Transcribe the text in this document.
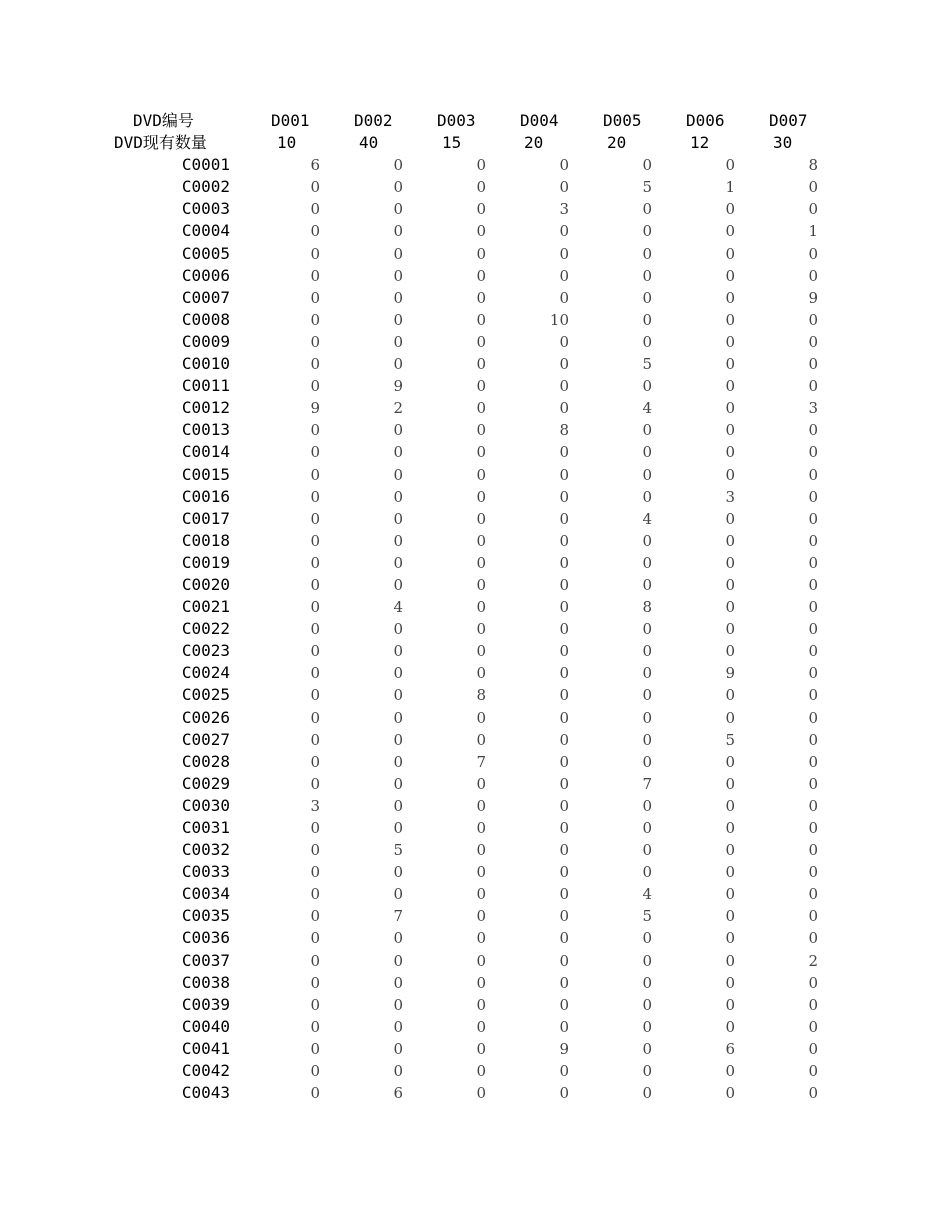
DVD编号	D001	D002	D003	D004	D005	D006	D007
DVD现有数量	10	40	15	20	20	12	30
C0001	6	0	0	0	0	0	8
C0002	0	0	0	0	5	1	0
C0003	0	0	0	3	0	0	0
C0004	0	0	0	0	0	0	1
C0005	0	0	0	0	0	0	0
C0006	0	0	0	0	0	0	0
C0007	0	0	0	0	0	0	9
C0008	0	0	0	10	0	0	0
C0009	0	0	0	0	0	0	0
C0010	0	0	0	0	5	0	0
C0011	0	9	0	0	0	0	0
C0012	9	2	0	0	4	0	3
C0013	0	0	0	8	0	0	0
C0014	0	0	0	0	0	0	0
C0015	0	0	0	0	0	0	0
C0016	0	0	0	0	0	3	0
C0017	0	0	0	0	4	0	0
C0018	0	0	0	0	0	0	0
C0019	0	0	0	0	0	0	0
C0020	0	0	0	0	0	0	0
C0021	0	4	0	0	8	0	0
C0022	0	0	0	0	0	0	0
C0023	0	0	0	0	0	0	0
C0024	0	0	0	0	0	9	0
C0025	0	0	8	0	0	0	0
C0026	0	0	0	0	0	0	0
C0027	0	0	0	0	0	5	0
C0028	0	0	7	0	0	0	0
C0029	0	0	0	0	7	0	0
C0030	3	0	0	0	0	0	0
C0031	0	0	0	0	0	0	0
C0032	0	5	0	0	0	0	0
C0033	0	0	0	0	0	0	0
C0034	0	0	0	0	4	0	0
C0035	0	7	0	0	5	0	0
C0036	0	0	0	0	0	0	0
C0037	0	0	0	0	0	0	2
C0038	0	0	0	0	0	0	0
C0039	0	0	0	0	0	0	0
C0040	0	0	0	0	0	0	0
C0041	0	0	0	9	0	6	0
C0042	0	0	0	0	0	0	0
C0043	0	6	0	0	0	0	0
